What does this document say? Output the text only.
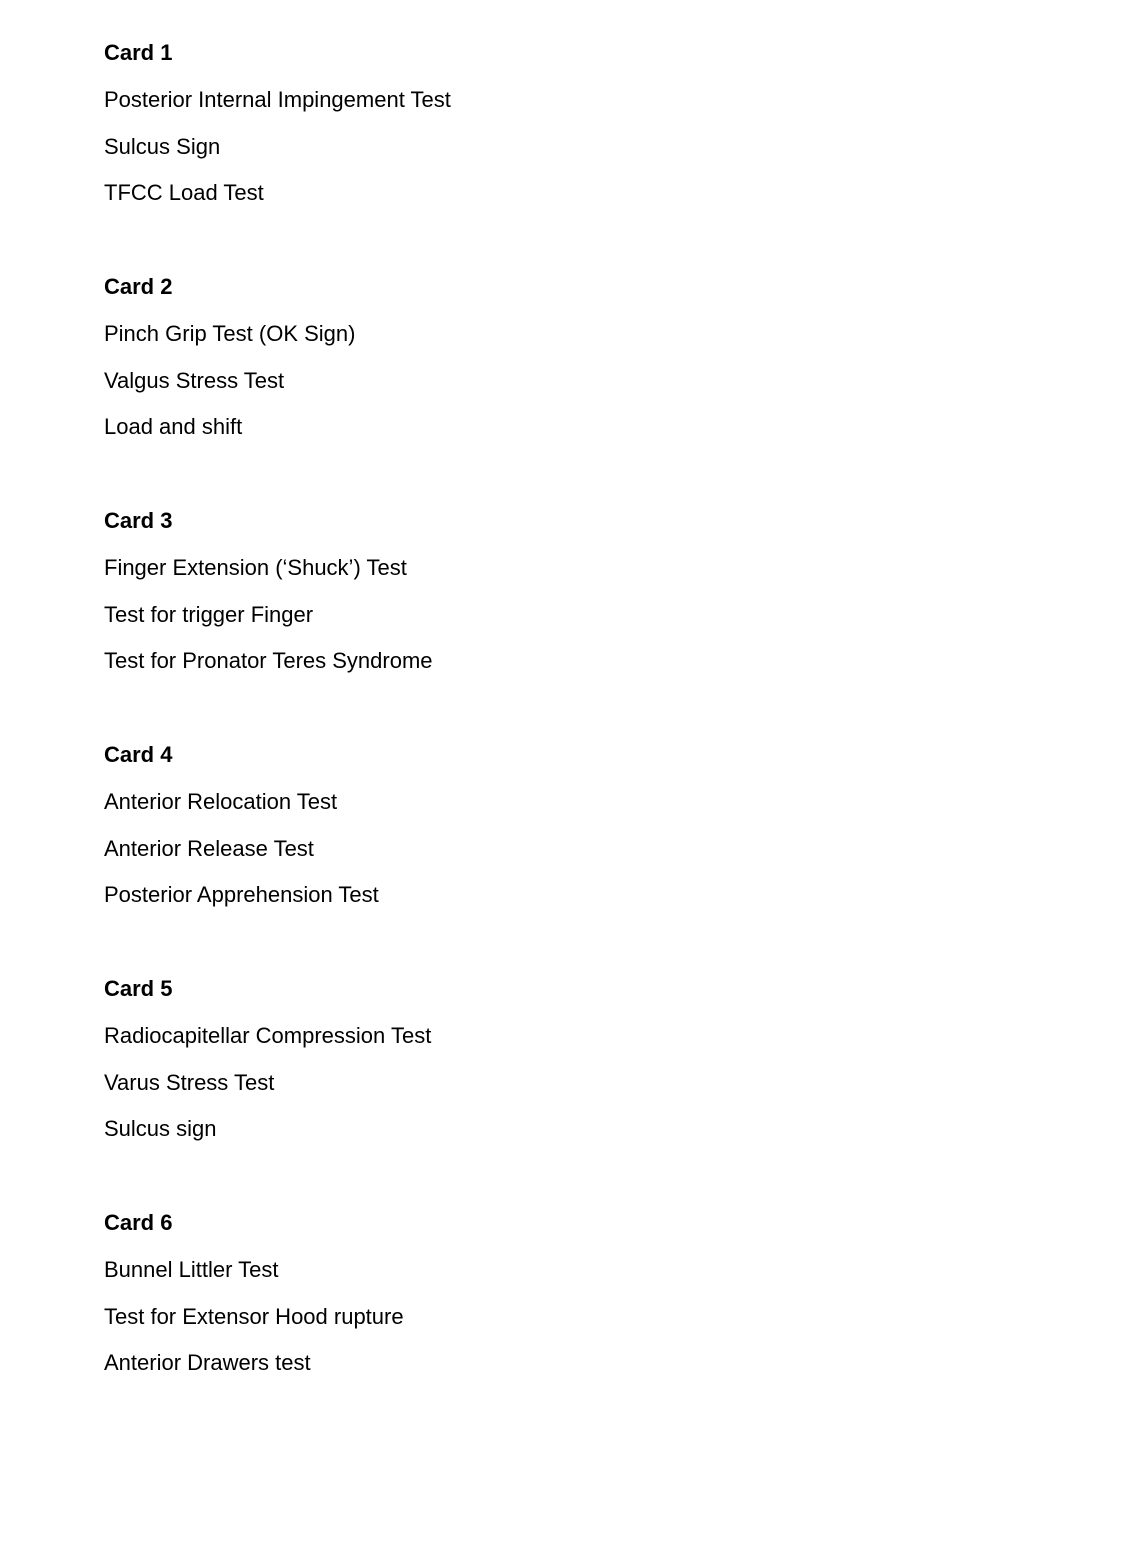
Card 1
Posterior Internal Impingement Test
Sulcus Sign
TFCC Load Test
Card 2
Pinch Grip Test (OK Sign)
Valgus Stress Test
Load and shift
Card 3
Finger Extension (‘Shuck’) Test
Test for trigger Finger
Test for Pronator Teres Syndrome
Card 4
Anterior Relocation Test
Anterior Release Test
Posterior Apprehension Test
Card 5
Radiocapitellar Compression Test
Varus Stress Test
Sulcus sign
Card 6
Bunnel Littler Test
Test for Extensor Hood rupture
Anterior Drawers test
